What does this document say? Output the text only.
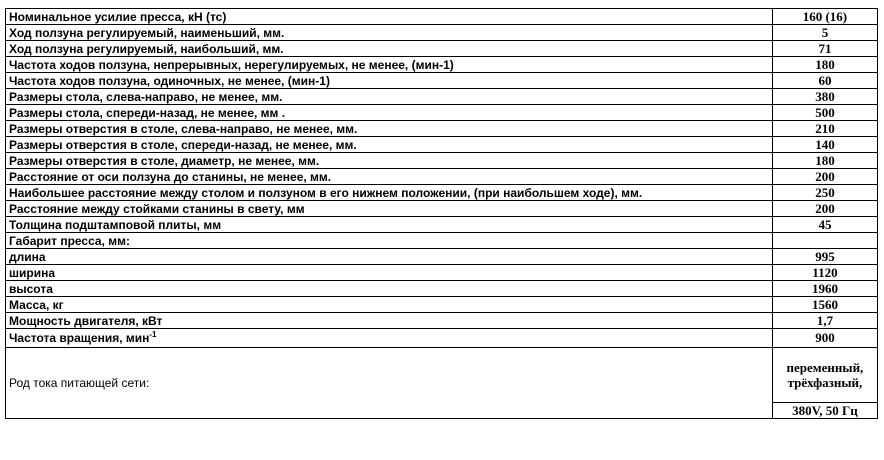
Номинальное усилие пресса, кН (тс)	160 (16)
Ход ползуна регулируемый, наименьший, мм.	5
Ход ползуна регулируемый, наибольший, мм.	71
Частота ходов ползуна, непрерывных, нерегулируемых, не менее, (мин-1)	180
Частота ходов ползуна, одиночных, не менее, (мин-1)	60
Размеры стола, слева-направо, не менее, мм.	380
Размеры стола, спереди-назад, не менее, мм .	500
Размеры отверстия в столе, слева-направо, не менее, мм.	210
Размеры отверстия в столе, спереди-назад, не менее, мм.	140
Размеры отверстия в столе, диаметр, не менее, мм.	180
Расстояние от оси ползуна до станины, не менее, мм.	200
Наибольшее расстояние между столом и ползуном в его нижнем положении, (при наибольшем ходе), мм.	250
Расстояние между стойками станины в свету, мм	200
Толщина подштамповой плиты, мм	45
Габарит пресса, мм:	
длина	995
ширина	1120
высота	1960
Масса, кг	1560
Мощность двигателя, кВт	1,7
Частота вращения, мин$^{-1}$	900
Род тока питающей сети:	переменный,
трёхфазный,

	380V, 50 Гц
